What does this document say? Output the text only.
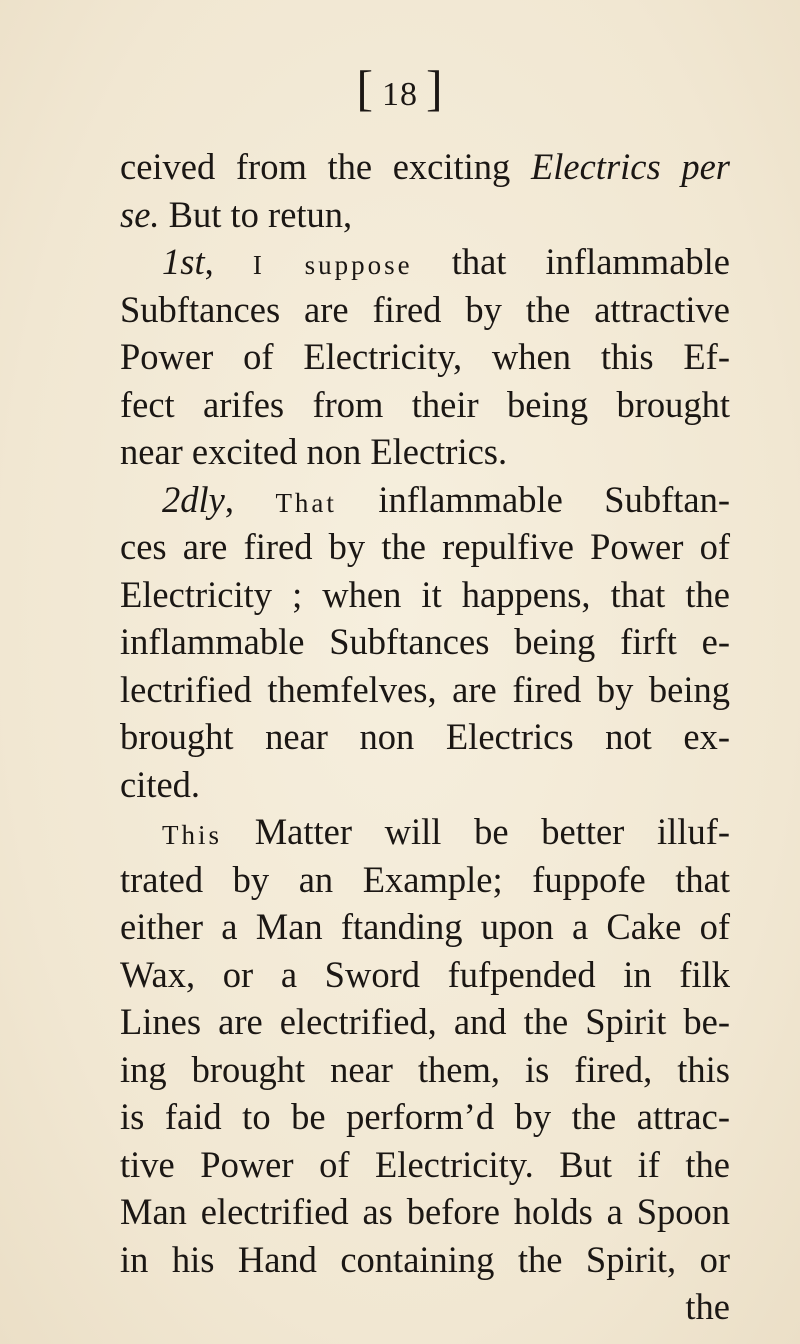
[ 18 ]
ceived from the exciting Electrics per
se. But to retun,
1st, I suppose that inflammable
Subftances are fired by the attractive
Power of Electricity, when this Ef-
fect arifes from their being brought
near excited non Electrics.
2dly, That inflammable Subftan-
ces are fired by the repulfive Power of
Electricity ; when it happens, that the
inflammable Subftances being firft e-
lectrified themfelves, are fired by being
brought near non Electrics not ex-
cited.
This Matter will be better illuf-
trated by an Example; fuppofe that
either a Man ftanding upon a Cake of
Wax, or a Sword fufpended in filk
Lines are electrified, and the Spirit be-
ing brought near them, is fired, this
is faid to be perform’d by the attrac-
tive Power of Electricity. But if the
Man electrified as before holds a Spoon
in his Hand containing the Spirit, or
the
